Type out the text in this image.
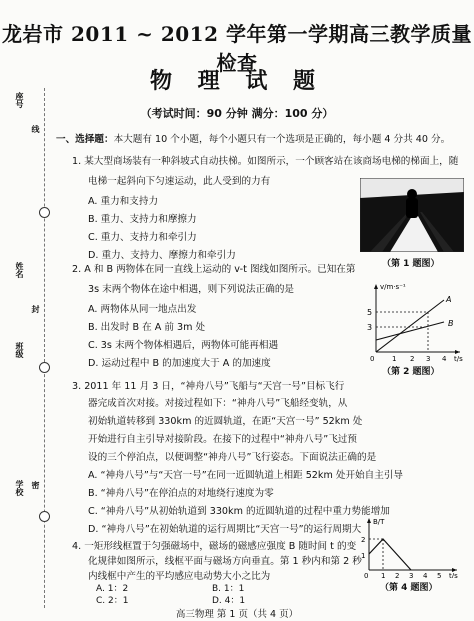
座号
线
姓名
封
班级
学校 密
龙岩市 2011 ~ 2012 学年第一学期高三教学质量检查
物 理 试 题
（考试时间：90 分钟 满分：100 分）
一、选择题：本大题有 10 个小题，每个小题只有一个选项是正确的，每小题 4 分共 40 分。
1. 某大型商场装有一种斜坡式自动扶梯。如图所示，一个顾客站在该商场电梯的梯面上，随
电梯一起斜向下匀速运动，此人受到的力有
A. 重力和支持力
B. 重力、支持力和摩擦力
C. 重力、支持力和牵引力
D. 重力、支持力、摩擦力和牵引力
（第 1 题图）
2. A 和 B 两物体在同一直线上运动的 v-t 图线如图所示。已知在第
3s 末两个物体在途中相遇，则下列说法正确的是
A. 两物体从同一地点出发
B. 出发时 B 在 A 前 3m 处
C. 3s 末两个物体相遇后，两物体可能再相遇
D. 运动过程中 B 的加速度大于 A 的加速度
v/m·s⁻¹
t/s
5
3
0	1 2 3 4
A
B
（第 2 题图）
3. 2011 年 11 月 3 日，“神舟八号”飞船与“天宫一号”目标飞行
器完成首次对接。对接过程如下：“神舟八号”飞船经变轨，从
初始轨道转移到 330km 的近圆轨道，在距“天宫一号” 52km 处
开始进行自主引导对接阶段。在接下的过程中“神舟八号”飞过预
设的三个停泊点，以便调整“神舟八号”飞行姿态。下面说法正确的是
A. “神舟八号”与“天宫一号”在同一近圆轨道上相距 52km 处开始自主引导
B. “神舟八号”在停泊点的对地绕行速度为零
C. “神舟八号”从初始轨道到 330km 的近圆轨道的过程中重力势能增加
D. “神舟八号”在初始轨道的运行周期比“天宫一号”的运行周期大
4. 一矩形线框置于匀强磁场中，磁场的磁感应强度 B 随时间 t 的变
化规律如图所示，线框平面与磁场方向垂直。第 1 秒内和第 2 秒
内线框中产生的平均感应电动势大小之比为
B/T
t/s
2
1
0 1 2 3 4 5
（第 4 题图）
高三物理 第 1 页（共 4 页）
A. 1：2	B. 1：1
C. 2：1	D. 4：1
